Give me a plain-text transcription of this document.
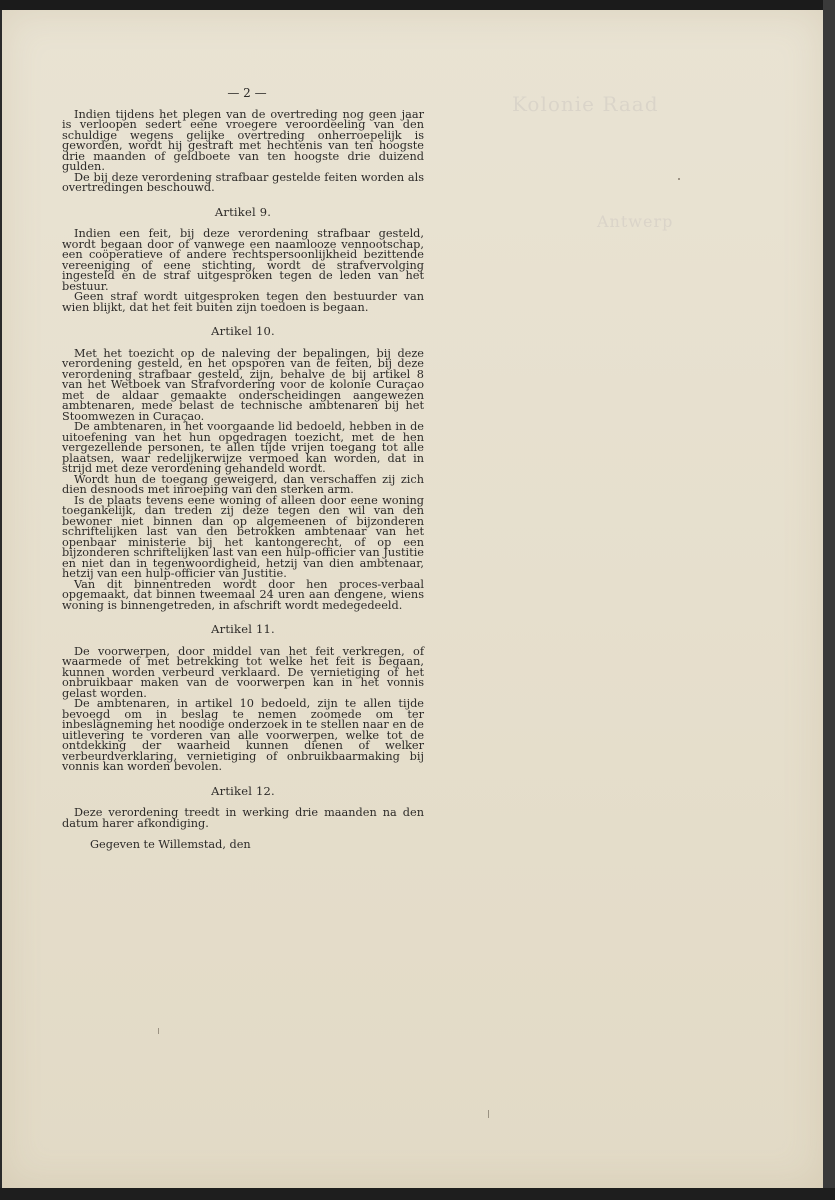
Kolonie Raad
Antwerp
— 2 —

Indien tijdens het plegen van de overtreding nog geen jaar is verloopen sedert eene vroegere veroordeeling van den schuldige wegens gelijke overtreding onherroepelijk is geworden, wordt hij gestraft met hechtenis van ten hoogste drie maanden of geldboete van ten hoogste drie duizend gulden.

De bij deze verordening strafbaar gestelde feiten worden als overtredingen beschouwd.

Artikel 9.

Indien een feit, bij deze verordening strafbaar gesteld, wordt begaan door of vanwege een naamlooze vennootschap, een coöperatieve of andere rechtspersoonlijkheid bezittende vereeniging of eene stichting, wordt de strafvervolging ingesteld en de straf uitgesproken tegen de leden van het bestuur.

Geen straf wordt uitgesproken tegen den bestuurder van wien blijkt, dat het feit buiten zijn toedoen is begaan.

Artikel 10.

Met het toezicht op de naleving der bepalingen, bij deze verordening gesteld, en het opsporen van de feiten, bij deze verordening strafbaar gesteld, zijn, behalve de bij artikel 8 van het Wetboek van Strafvordering voor de kolonie Curaçao met de aldaar gemaakte onderscheidingen aangewezen ambtenaren, mede belast de technische ambtenaren bij het Stoomwezen in Curaçao.

De ambtenaren, in het voorgaande lid bedoeld, hebben in de uitoefening van het hun opgedragen toezicht, met de hen vergezellende personen, te allen tijde vrijen toegang tot alle plaatsen, waar redelijkerwijze vermoed kan worden, dat in strijd met deze verordening gehandeld wordt.

Wordt hun de toegang geweigerd, dan verschaffen zij zich dien desnoods met inroeping van den sterken arm.

Is de plaats tevens eene woning of alleen door eene woning toegankelijk, dan treden zij deze tegen den wil van den bewoner niet binnen dan op algemeenen of bijzonderen schriftelijken last van den betrokken ambtenaar van het openbaar ministerie bij het kantongerecht, of op een bijzonderen schriftelijken last van een hulp-officier van Justitie en niet dan in tegenwoordigheid, hetzij van dien ambtenaar, hetzij van een hulp-officier van Justitie.

Van dit binnentreden wordt door hen proces-verbaal opgemaakt, dat binnen tweemaal 24 uren aan dengene, wiens woning is binnengetreden, in afschrift wordt medegedeeld.

Artikel 11.

De voorwerpen, door middel van het feit verkregen, of waarmede of met betrekking tot welke het feit is begaan, kunnen worden verbeurd verklaard. De vernietiging of het onbruikbaar maken van de voorwerpen kan in het vonnis gelast worden.

De ambtenaren, in artikel 10 bedoeld, zijn te allen tijde bevoegd om in beslag te nemen zoomede om ter inbeslagneming het noodige onderzoek in te stellen naar en de uitlevering te vorderen van alle voorwerpen, welke tot de ontdekking der waarheid kunnen dienen of welker verbeurdverklaring, vernietiging of onbruikbaarmaking bij vonnis kan worden bevolen.

Artikel 12.

Deze verordening treedt in werking drie maanden na den datum harer afkondiging.

Gegeven te Willemstad, den
